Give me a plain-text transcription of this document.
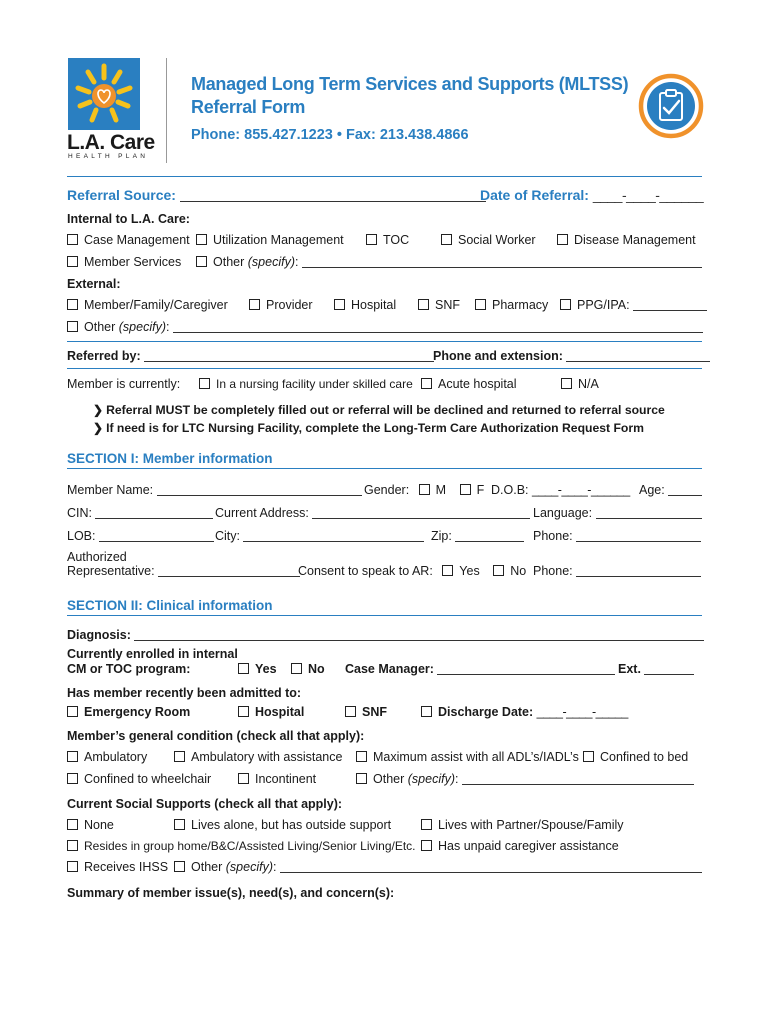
L.A. Care
HEALTH PLAN
Managed Long Term Services and Supports (MLTSS)
Referral Form
Phone: 855.427.1223 • Fax: 213.438.4866
Referral Source:	Date of Referral: ____-____-______
Internal to L.A. Care:
Case Management	Utilization Management	TOC	Social Worker	Disease Management
Member Services	Other (specify):
External:
Member/Family/Caregiver	Provider	Hospital	SNF	Pharmacy	PPG/IPA:
Other (specify):
Referred by:	Phone and extension:
Member is currently:	In a nursing facility under skilled care	Acute hospital	N/A
❯ Referral MUST be completely filled out or referral will be declined and returned to referral source
❯ If need is for LTC Nursing Facility, complete the Long-Term Care Authorization Request Form
SECTION I: Member information
Member Name:	Gender: M F D.O.B: ____-____-______ Age:
CIN:	Current Address:	Language:
LOB:	City:	Zip:	Phone:
Authorized
Representative:	Consent to speak to AR: Yes No Phone:
SECTION II: Clinical information
Diagnosis:
Currently enrolled in internal
CM or TOC program:	Yes	No Case Manager:	Ext.
Has member recently been admitted to:
Emergency Room	Hospital	SNF	Discharge Date: ____-____-_____
Member’s general condition (check all that apply):
Ambulatory	Ambulatory with assistance	Maximum assist with all ADL’s/IADL’s	Confined to bed
Confined to wheelchair	Incontinent	Other (specify):
Current Social Supports (check all that apply):
None	Lives alone, but has outside support	Lives with Partner/Spouse/Family
Resides in group home/B&C/Assisted Living/Senior Living/Etc.	Has unpaid caregiver assistance
Receives IHSS	Other (specify):
Summary of member issue(s), need(s), and concern(s):
